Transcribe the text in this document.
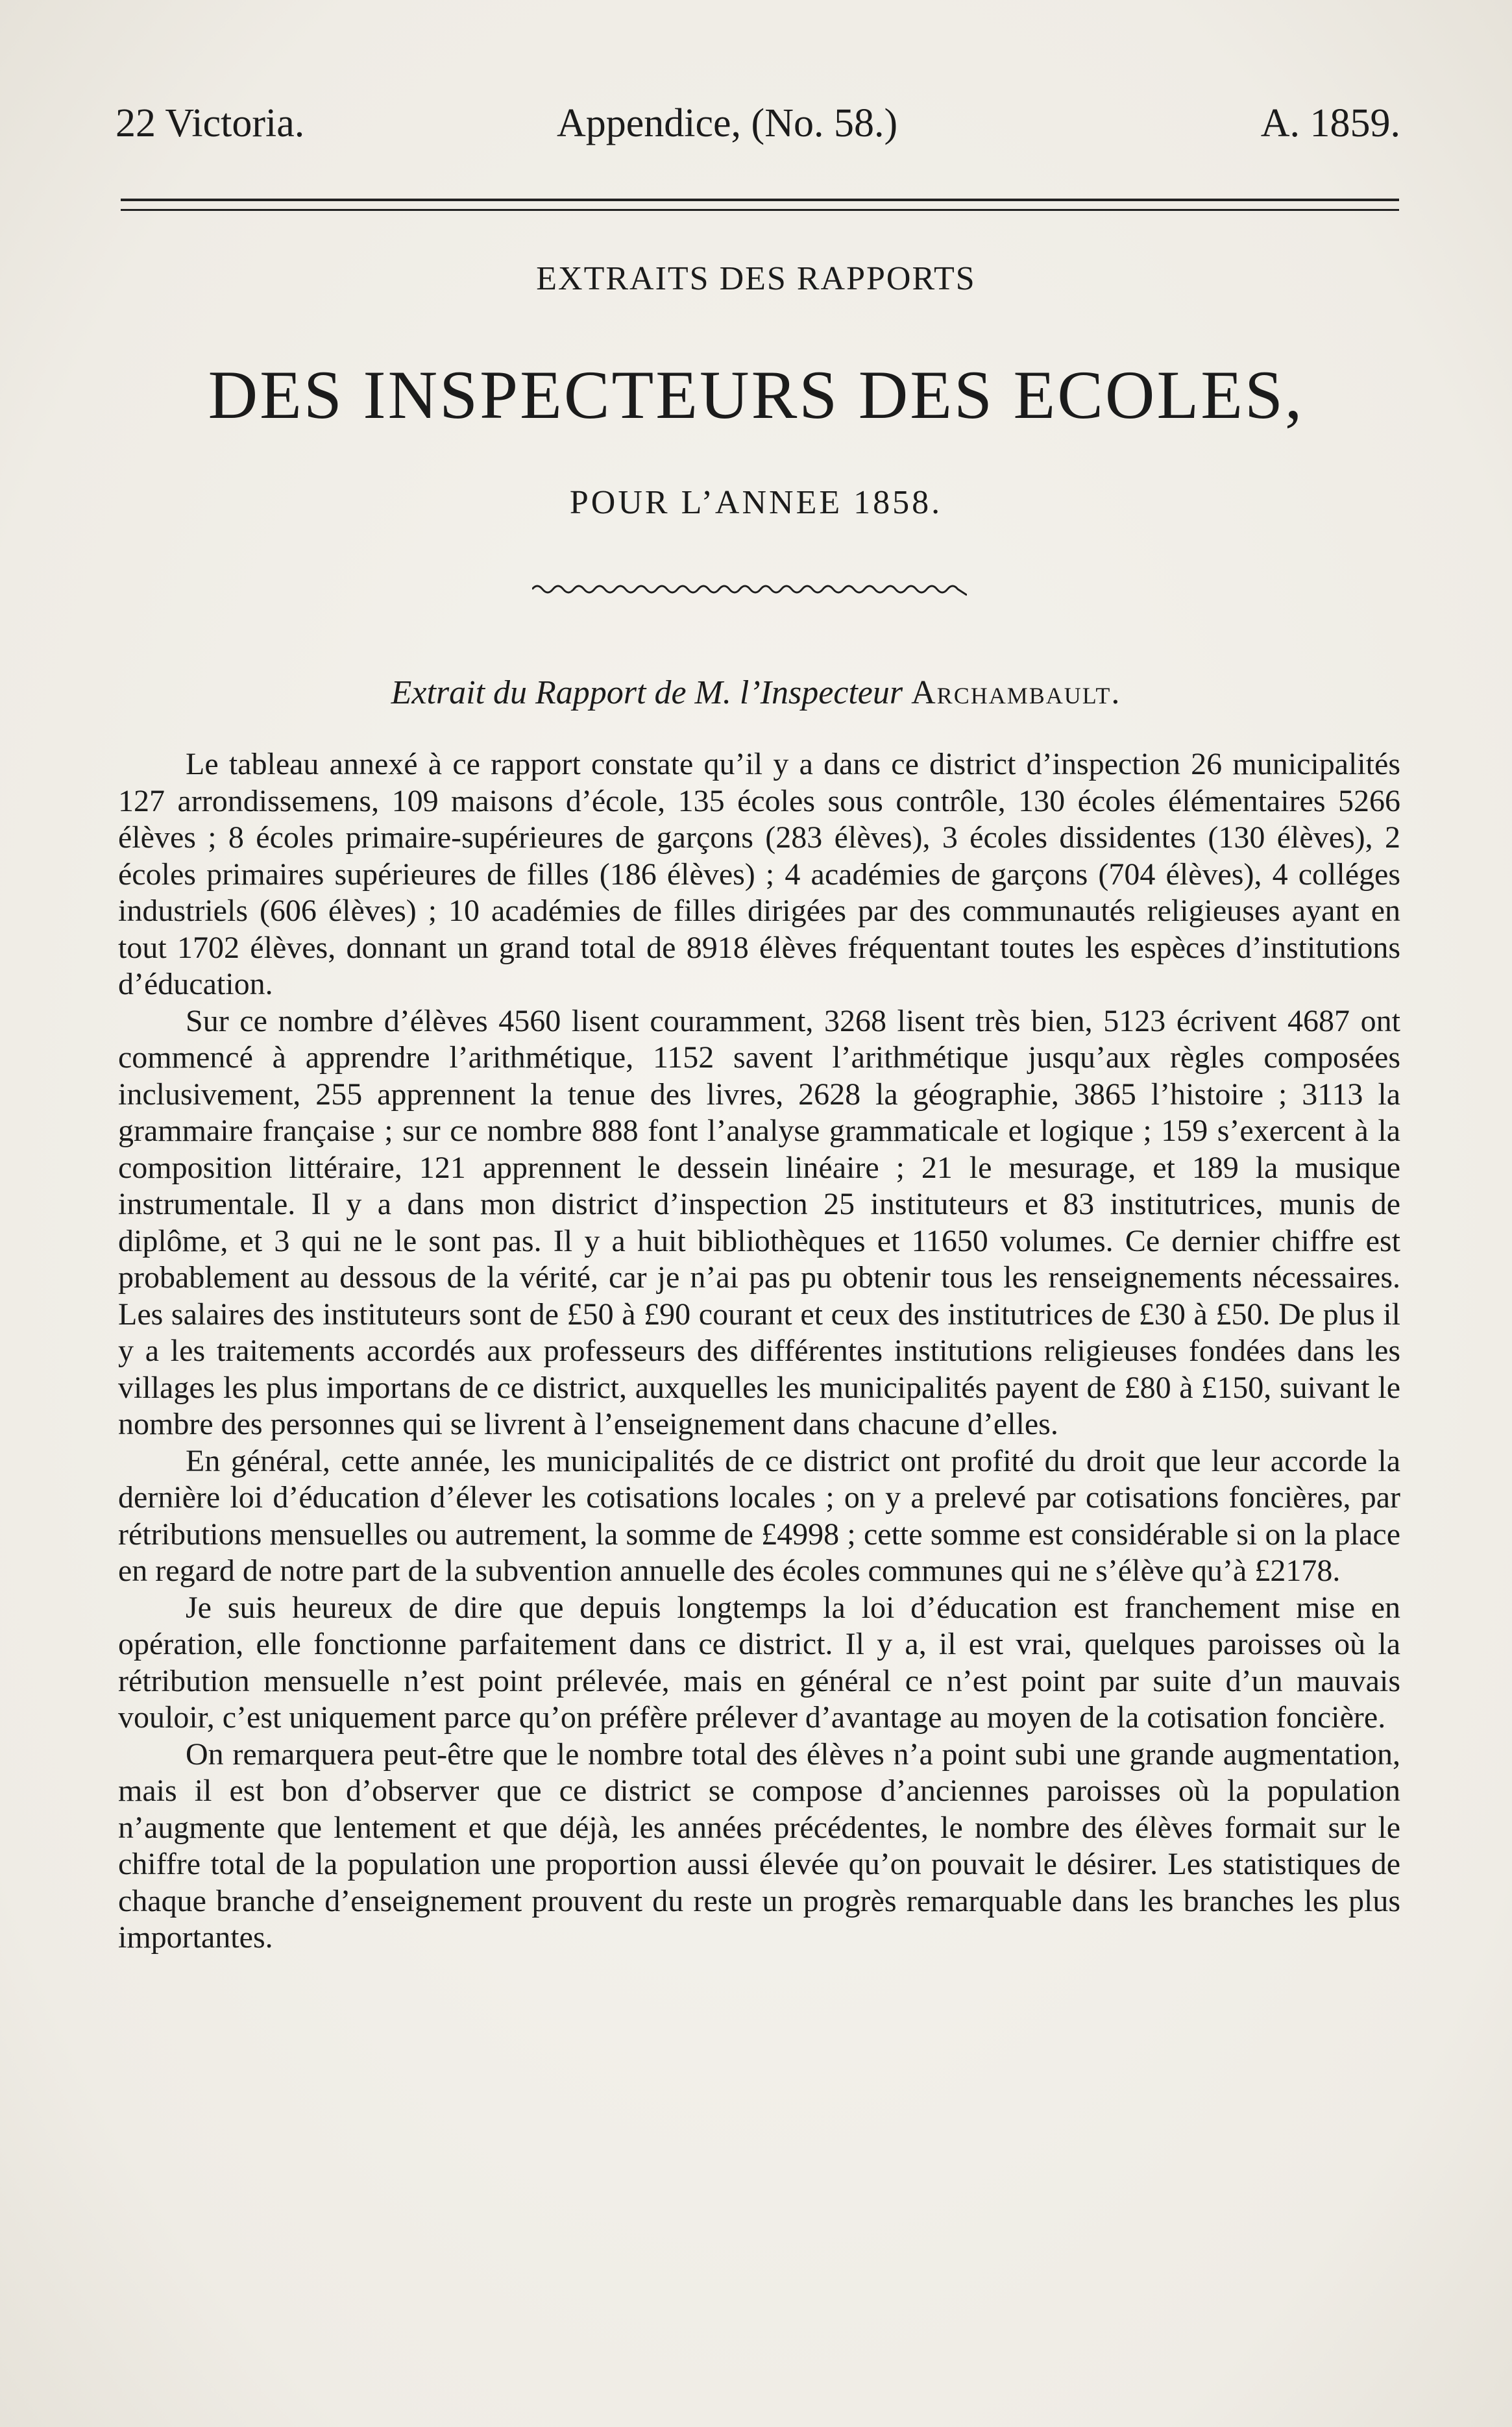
22 Victoria.	Appendice, (No. 58.)	A. 1859.
EXTRAITS DES RAPPORTS
DES INSPECTEURS DES ECOLES,
POUR L’ANNEE 1858.
Extrait du Rapport de M. l’Inspecteur Archambault.

Le tableau annexé à ce rapport constate qu’il y a dans ce district d’inspection 26 municipalités 127 arrondissemens, 109 maisons d’école, 135 écoles sous contrôle, 130 écoles élémentaires 5266 élèves ; 8 écoles primaire-supérieures de garçons (283 élèves), 3 écoles dissidentes (130 élèves), 2 écoles primaires supérieures de filles (186 élèves) ; 4 académies de garçons (704 élèves), 4 colléges industriels (606 élèves) ; 10 académies de filles dirigées par des communautés religieuses ayant en tout 1702 élèves, donnant un grand total de 8918 élèves fréquentant toutes les espèces d’institutions d’éducation.

Sur ce nombre d’élèves 4560 lisent couramment, 3268 lisent très bien, 5123 écrivent 4687 ont commencé à apprendre l’arithmétique, 1152 savent l’arithmétique jusqu’aux règles composées inclusivement, 255 apprennent la tenue des livres, 2628 la géographie, 3865 l’histoire ; 3113 la grammaire française ; sur ce nombre 888 font l’analyse grammaticale et logique ; 159 s’exercent à la composition littéraire, 121 apprennent le dessein linéaire ; 21 le mesurage, et 189 la musique instrumentale. Il y a dans mon district d’inspection 25 instituteurs et 83 institutrices, munis de diplôme, et 3 qui ne le sont pas. Il y a huit bibliothèques et 11650 volumes. Ce dernier chiffre est probablement au dessous de la vérité, car je n’ai pas pu obtenir tous les renseignements nécessaires. Les salaires des instituteurs sont de £50 à £90 courant et ceux des institutrices de £30 à £50. De plus il y a les traitements accordés aux professeurs des différentes institutions religieuses fondées dans les villages les plus importans de ce district, auxquelles les municipalités payent de £80 à £150, suivant le nombre des personnes qui se livrent à l’enseignement dans chacune d’elles.

En général, cette année, les municipalités de ce district ont profité du droit que leur accorde la dernière loi d’éducation d’élever les cotisations locales ; on y a prelevé par cotisations foncières, par rétributions mensuelles ou autrement, la somme de £4998 ; cette somme est considérable si on la place en regard de notre part de la subvention annuelle des écoles communes qui ne s’élève qu’à £2178.

Je suis heureux de dire que depuis longtemps la loi d’éducation est franchement mise en opération, elle fonctionne parfaitement dans ce district. Il y a, il est vrai, quelques paroisses où la rétribution mensuelle n’est point prélevée, mais en général ce n’est point par suite d’un mauvais vouloir, c’est uniquement parce qu’on préfère prélever d’avantage au moyen de la cotisation foncière.

On remarquera peut-être que le nombre total des élèves n’a point subi une grande augmentation, mais il est bon d’observer que ce district se compose d’anciennes paroisses où la population n’augmente que lentement et que déjà, les années précédentes, le nombre des élèves formait sur le chiffre total de la population une proportion aussi élevée qu’on pouvait le désirer. Les statistiques de chaque branche d’enseignement prouvent du reste un progrès remarquable dans les branches les plus importantes.
